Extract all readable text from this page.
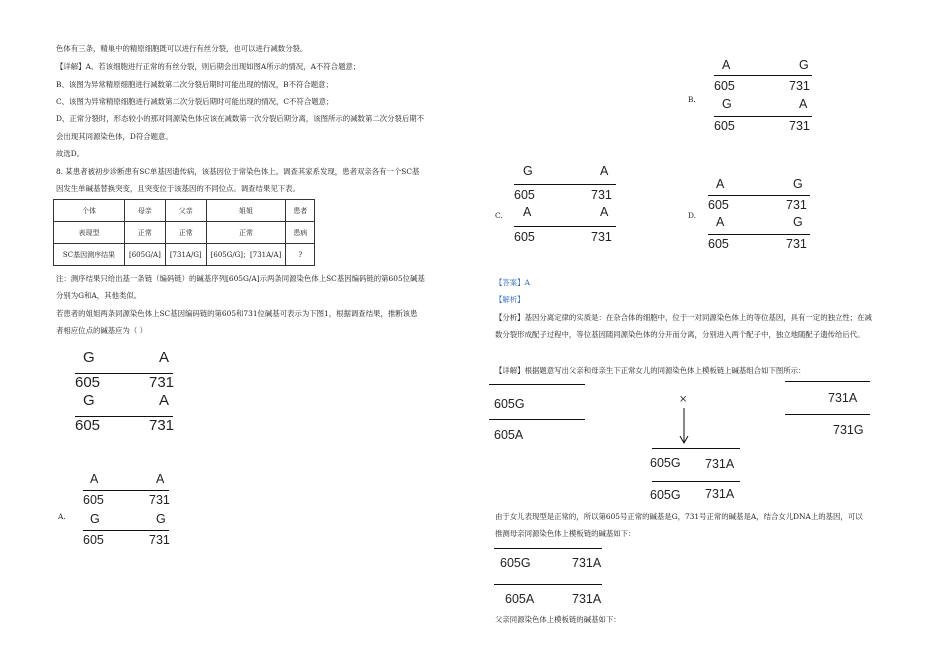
色体有三条，精巢中的精原细胞既可以进行有丝分裂，也可以进行减数分裂。
【详解】A、若该细胞进行正常的有丝分裂，则后期会出现如图A所示的情况，A不符合题意；
B、该图为异常精原细胞进行减数第二次分裂后期时可能出现的情况，B不符合题意；
C、该图为异常精原细胞进行减数第二次分裂后期时可能出现的情况，C不符合题意；
D、正常分裂时，形态较小的那对同源染色体应该在减数第一次分裂后期分离，该图所示的减数第二次分裂后期不
会出现其同源染色体，D符合题意。
故选D。
8. 某患者被初步诊断患有SC单基因遗传病，该基因位于常染色体上。调查其家系发现，患者双亲各有一个SC基
因发生单碱基替换突变，且突变位于该基因的不同位点。调查结果见下表。
个体	母亲	父亲	姐姐	患者
表现型	正常	正常	正常	患病
SC基因测序结果	[605G/A]	[731A/G]	[605G/G]；[731A/A]	?
注：测序结果只给出基一条链（编码链）的碱基序列[605G/A]示两条同源染色体上SC基因编码链的第605位碱基
分别为G和A，其他类似。
若患者的姐姐两条同源染色体上SC基因编码链的第605和731位碱基可表示为下图1，根据调查结果，推断该患
者相应位点的碱基应为（ ）
G	A
605	731
G	A
605	731
A.
A	A
605	731
G	G
605	731
B.
A	G
605	731
G	A
605	731
C.
G	A
605	731
A	A
605	731
D.
A	G
605	731
A	G
605	731
【答案】A
【解析】
【分析】基因分离定律的实质是：在杂合体的细胞中，位于一对同源染色体上的等位基因，具有一定的独立性；在减
数分裂形成配子过程中，等位基因随同源染色体的分开而分离，分别进入两个配子中，独立地随配子遗传给后代。
【详解】根据题意写出父亲和母亲生下正常女儿的同源染色体上模板链上碱基组合如下图所示：
605G
605A
×	731A
731G
605G 731A
605G 731A
由于女儿表现型是正常的，所以第605号正常的碱基是G，731号正常的碱基是A，结合女儿DNA上的基因，可以
推测母亲同源染色体上模板链的碱基如下：
605G	731A
605A	731A
父亲同源染色体上模板链的碱基如下：
